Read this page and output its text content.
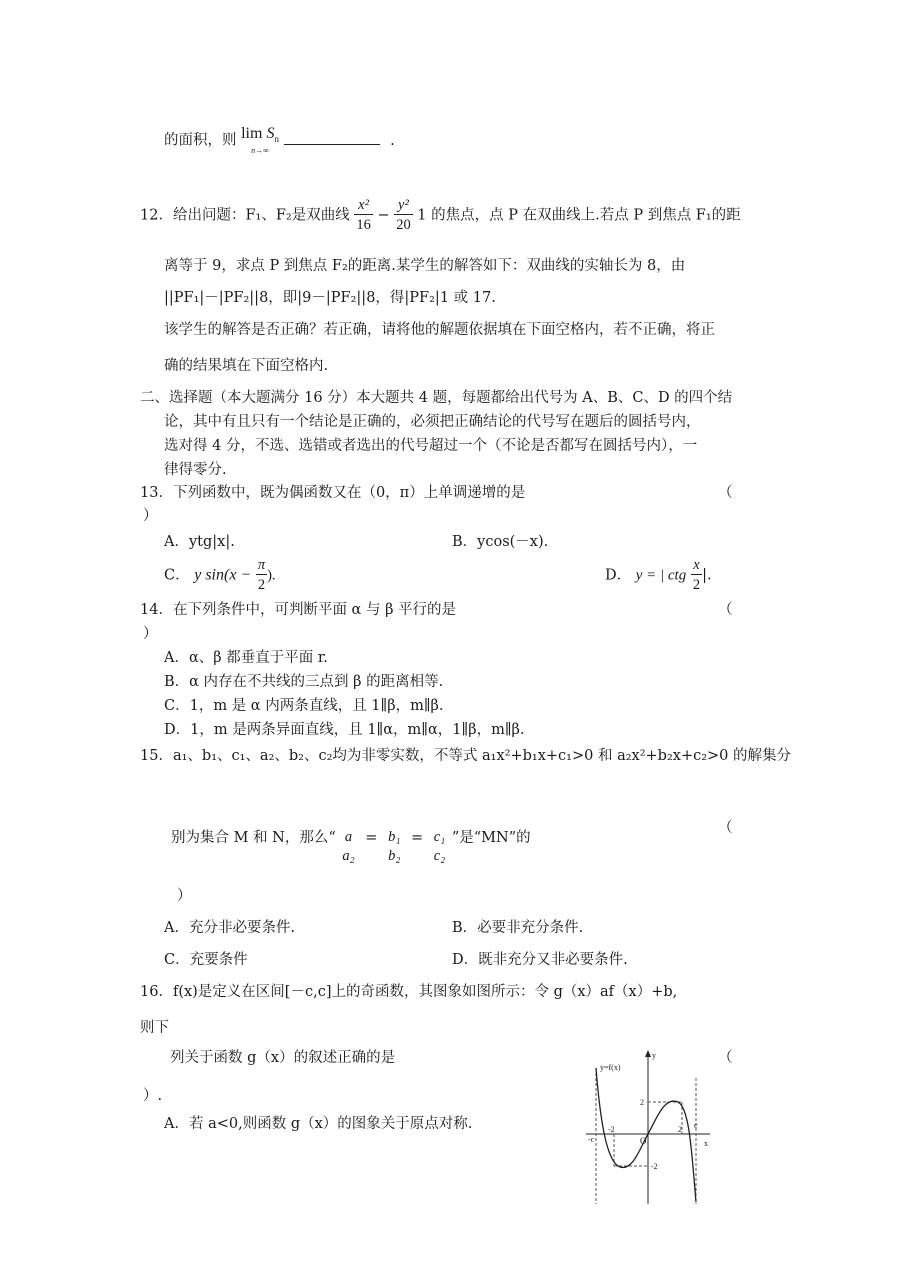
的面积，则 $\lim S_n$
n→∞
.
12．给出问题：F₁、F₂是双曲线 $\frac{\text{x²}}{16} - \frac{\text{y²}}{20} 1$ 的焦点，点 P 在双曲线上.若点 P 到焦点 F₁的距
离等于 9，求点 P 到焦点 F₂的距离.某学生的解答如下：双曲线的实轴长为 8，由
||PF₁|－|PF₂||8，即|9－|PF₂||8，得|PF₂|1 或 17.
该学生的解答是否正确？若正确，请将他的解题依据填在下面空格内，若不正确，将正
确的结果填在下面空格内.
二、选择题（本大题满分 16 分）本大题共 4 题，每题都给出代号为 A、B、C、D 的四个结
论，其中有且只有一个结论是正确的，必须把正确结论的代号写在题后的圆括号内，
选对得 4 分，不选、选错或者选出的代号超过一个（不论是否都写在圆括号内），一
律得零分.
13．下列函数中，既为偶函数又在（0，π）上单调递增的是	（
）
A．ytg|x|.	B．ycos(－x).
C． y $\sin(x - \frac{\pi}{2}$ ).	D． y = | ctg $\frac{x}{2}$ |.
14．在下列条件中，可判断平面 α 与 β 平行的是	（
）
A．α、β 都垂直于平面 r.
B．α 内存在不共线的三点到 β 的距离相等.
C．1，m 是 α 内两条直线，且 1∥β，m∥β.
D．1，m 是两条异面直线，且 1∥α，m∥α，1∥β，m∥β.
15．a₁、b₁、c₁、a₂、b₂、c₂均为非零实数，不等式 a₁x²+b₁x+c₁>0 和 a₂x²+b₂x+c₂>0 的解集分
别为集合 M 和 N，那么“ a
a₂
= b₁
b₂
= c₁
c₂
”是“MN”的
（
）
A．充分非必要条件.	B．必要非充分条件.
C．充要条件	D．既非充分又非必要条件.
16．f(x)是定义在区间[－c,c]上的奇函数，其图象如图所示：令 g（x）af（x）+b,
则下
列关于函数 g（x）的叙述正确的是	（
）.
A．若 a<0,则函数 g（x）的图象关于原点对称.
y=f(x)
y
x
O
2
-2
-c
-2	2 c
